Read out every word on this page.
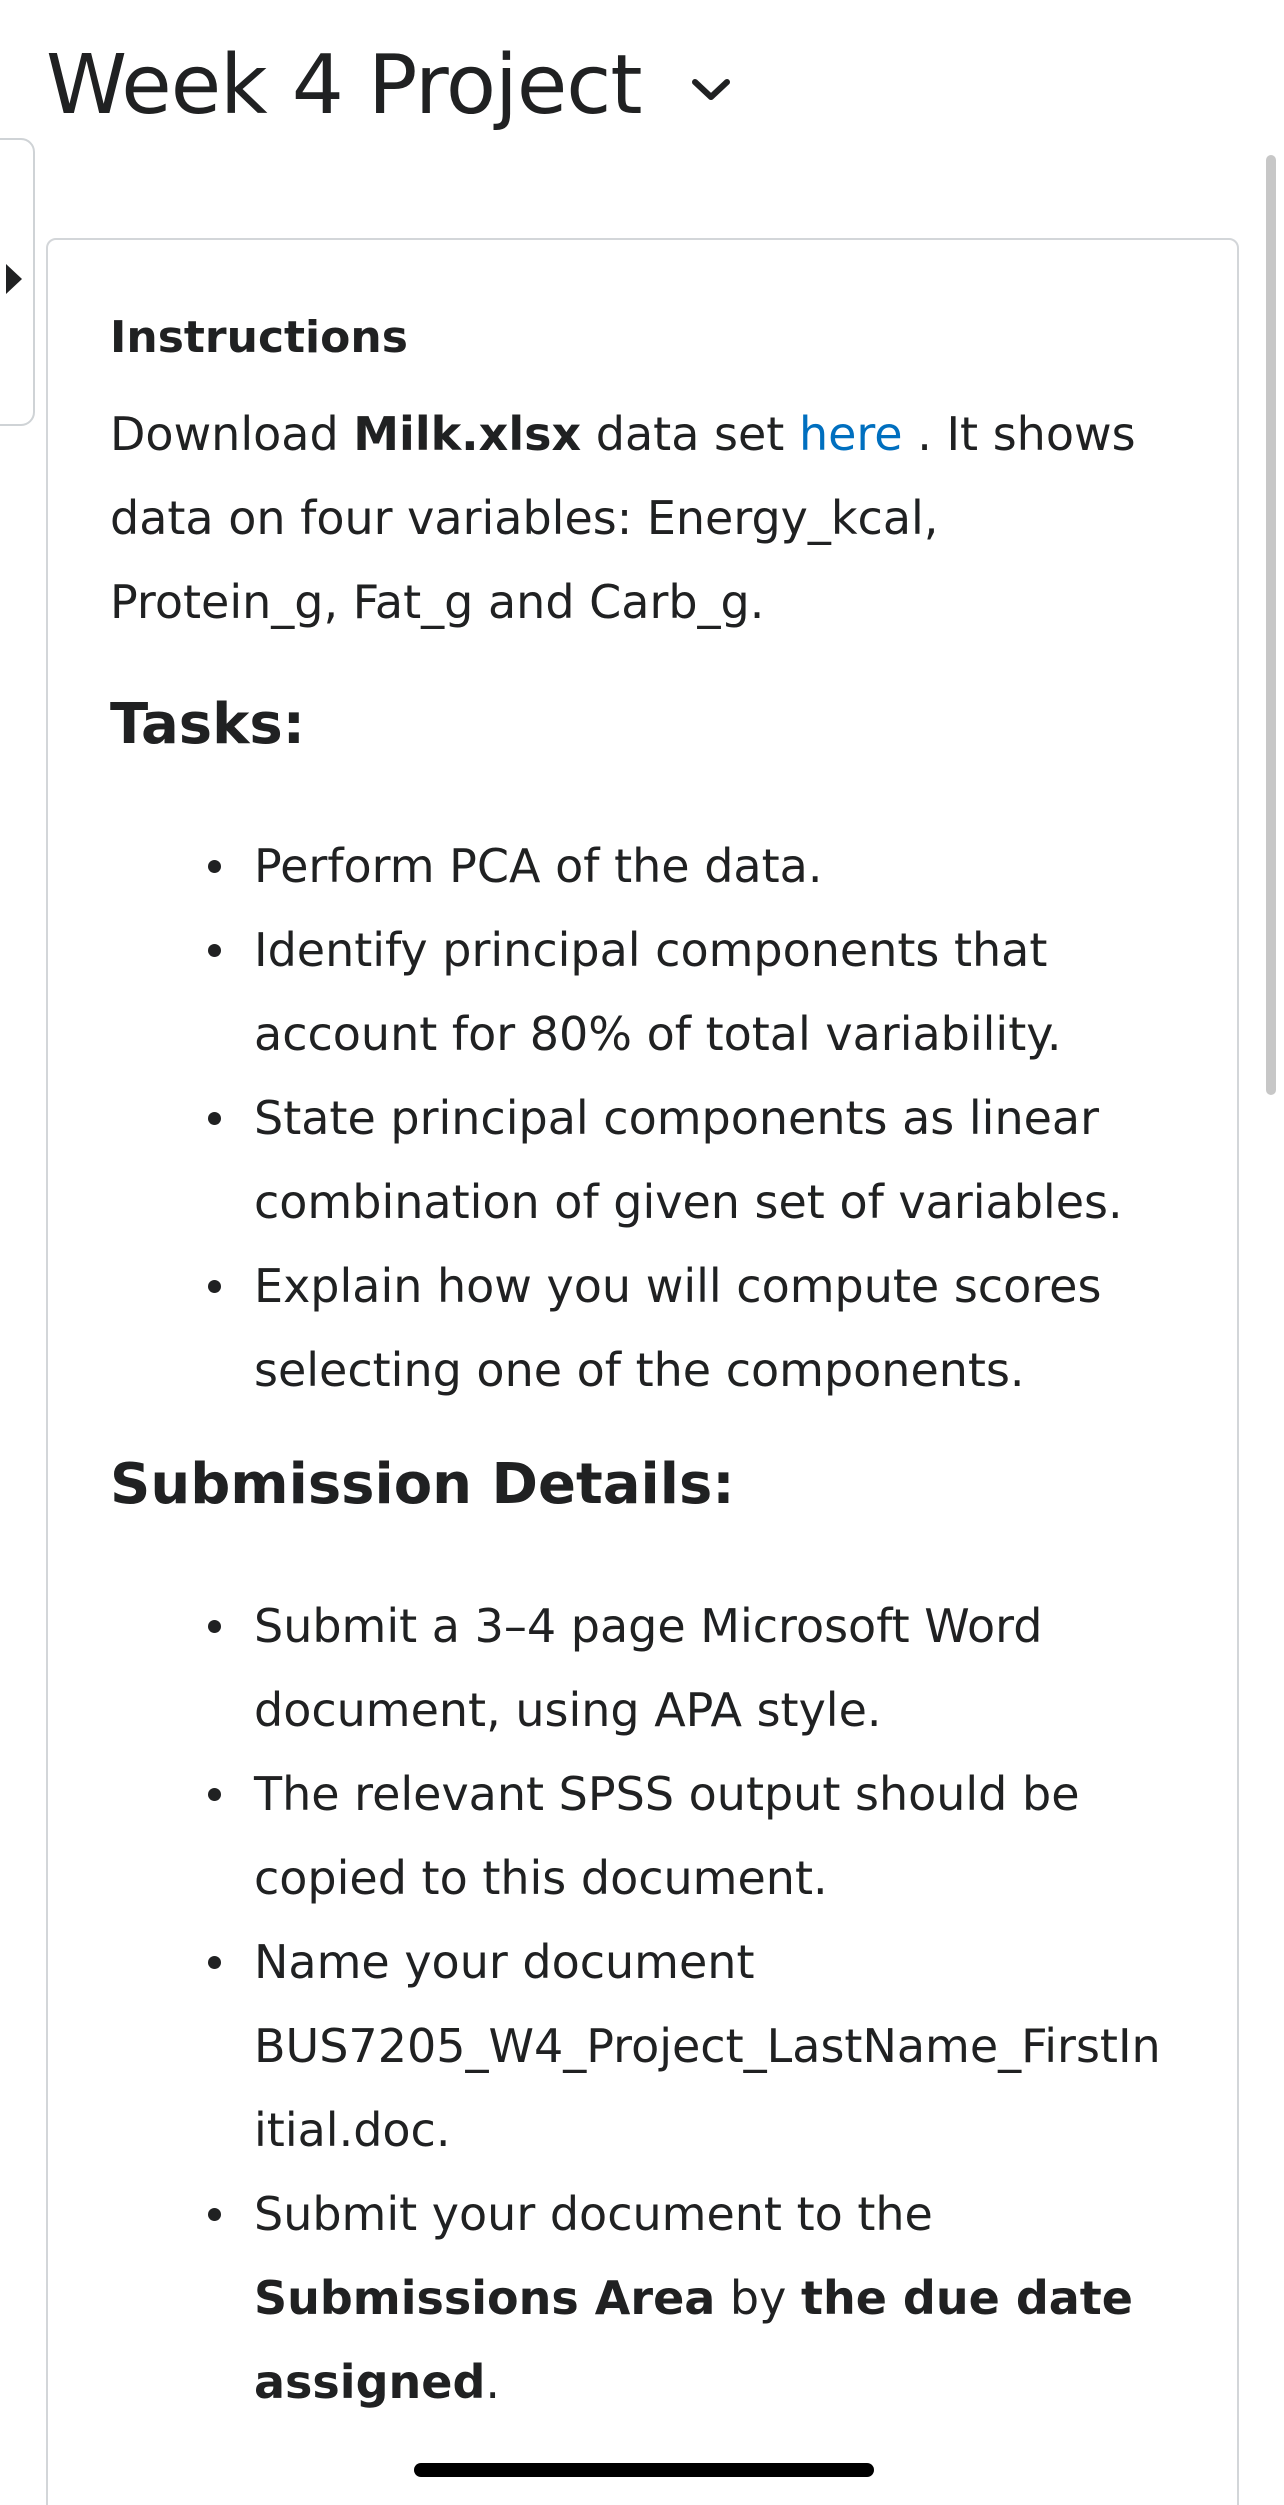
Week 4 Project
Instructions
Download Milk.xlsx data set here . It shows data on four variables: Energy_kcal, Protein_g, Fat_g and Carb_g.
Tasks:
Perform PCA of the data.
Identify principal components that account for 80% of total variability.
State principal components as linear combination of given set of variables.
Explain how you will compute scores selecting one of the components.
Submission Details:
Submit a 3–4 page Microsoft Word document, using APA style.
The relevant SPSS output should be copied to this document.
Name your document
BUS7205_W4_Project_LastName_FirstIn
itial.doc.
Submit your document to the Submissions Area by the due date assigned.
